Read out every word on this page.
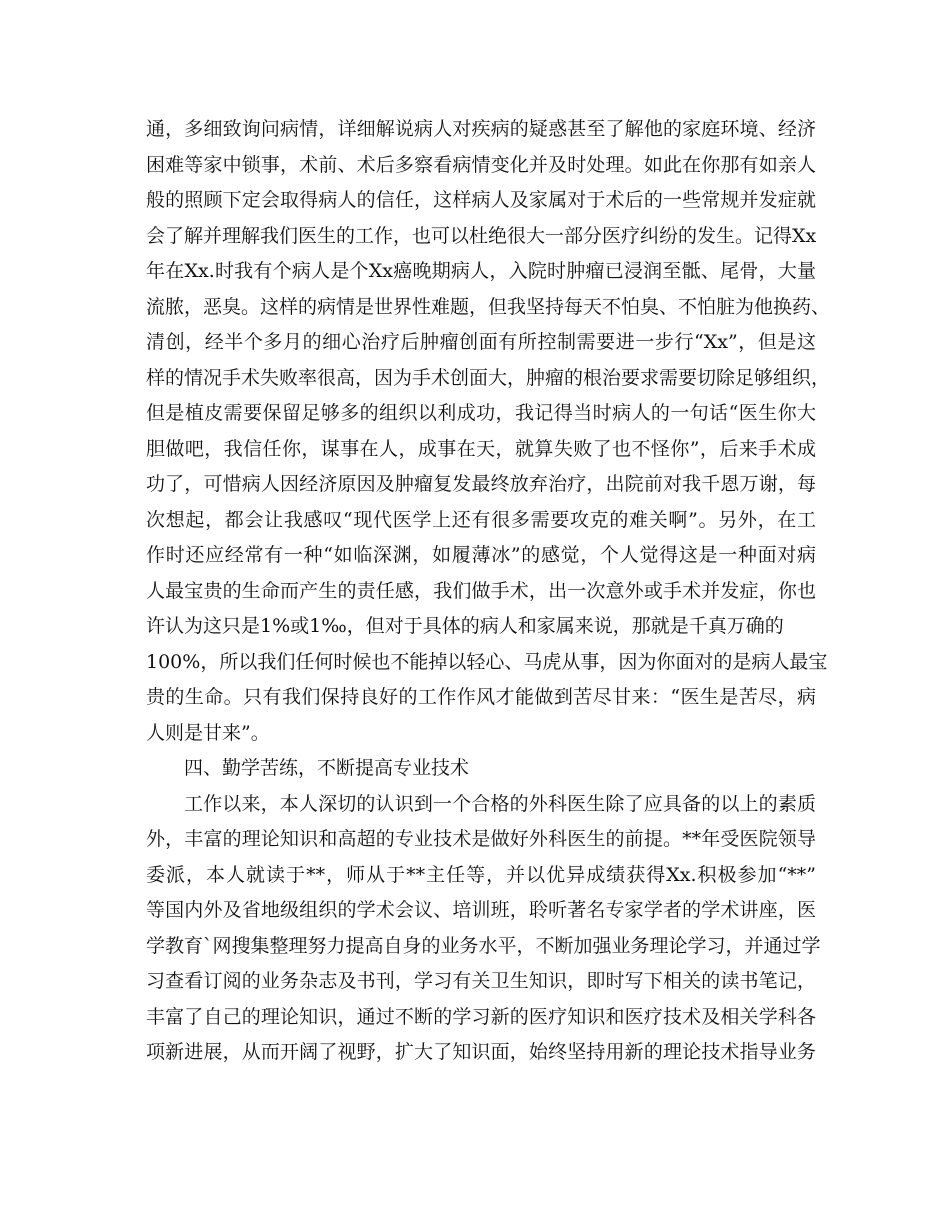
通，多细致询问病情，详细解说病人对疾病的疑惑甚至了解他的家庭环境、经济
困难等家中锁事，术前、术后多察看病情变化并及时处理。如此在你那有如亲人
般的照顾下定会取得病人的信任，这样病人及家属对于术后的一些常规并发症就
会了解并理解我们医生的工作，也可以杜绝很大一部分医疗纠纷的发生。记得Xx
年在Xx.时我有个病人是个Xx癌晚期病人，入院时肿瘤已浸润至骶、尾骨，大量
流脓，恶臭。这样的病情是世界性难题，但我坚持每天不怕臭、不怕脏为他换药、
清创，经半个多月的细心治疗后肿瘤创面有所控制需要进一步行“Xx”，但是这
样的情况手术失败率很高，因为手术创面大，肿瘤的根治要求需要切除足够组织，
但是植皮需要保留足够多的组织以利成功，我记得当时病人的一句话“医生你大
胆做吧，我信任你，谋事在人，成事在天，就算失败了也不怪你”，后来手术成
功了，可惜病人因经济原因及肿瘤复发最终放弃治疗，出院前对我千恩万谢，每
次想起，都会让我感叹“现代医学上还有很多需要攻克的难关啊”。另外，在工
作时还应经常有一种“如临深渊，如履薄冰”的感觉，个人觉得这是一种面对病
人最宝贵的生命而产生的责任感，我们做手术，出一次意外或手术并发症，你也
许认为这只是1%或1‰，但对于具体的病人和家属来说，那就是千真万确的
100%，所以我们任何时候也不能掉以轻心、马虎从事，因为你面对的是病人最宝
贵的生命。只有我们保持良好的工作作风才能做到苦尽甘来：“医生是苦尽，病
人则是甘来”。
四、勤学苦练，不断提高专业技术
工作以来，本人深切的认识到一个合格的外科医生除了应具备的以上的素质
外，丰富的理论知识和高超的专业技术是做好外科医生的前提。**年受医院领导
委派，本人就读于**，师从于**主任等，并以优异成绩获得Xx.积极参加“**”
等国内外及省地级组织的学术会议、培训班，聆听著名专家学者的学术讲座，医
学教育`网搜集整理努力提高自身的业务水平，不断加强业务理论学习，并通过学
习查看订阅的业务杂志及书刊，学习有关卫生知识，即时写下相关的读书笔记，
丰富了自己的理论知识，通过不断的学习新的医疗知识和医疗技术及相关学科各
项新进展，从而开阔了视野，扩大了知识面，始终坚持用新的理论技术指导业务
